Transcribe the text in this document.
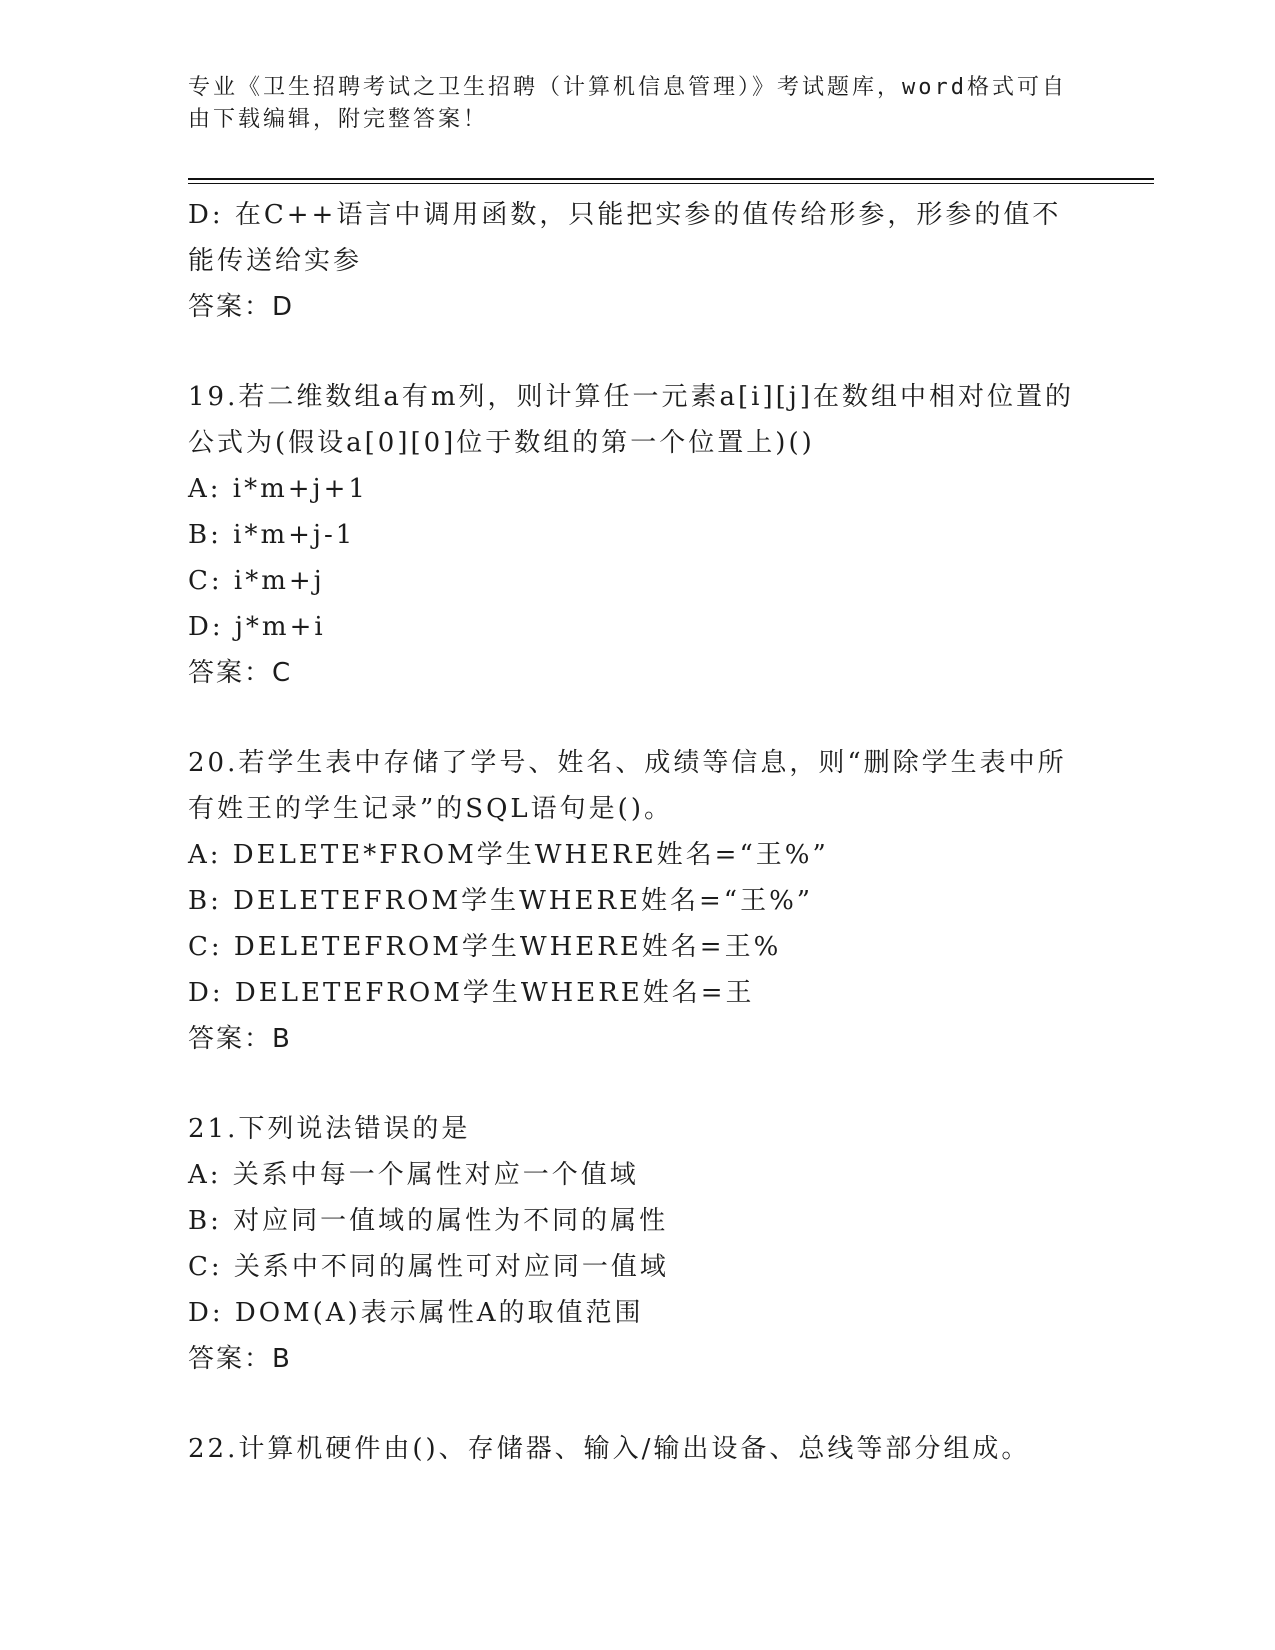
专业《卫生招聘考试之卫生招聘（计算机信息管理）》考试题库，word格式可自由下载编辑，附完整答案！
D: 在C++语言中调用函数，只能把实参的值传给形参，形参的值不能传送给实参
答案：D
19.若二维数组a有m列，则计算任一元素a[i][j]在数组中相对位置的公式为(假设a[0][0]位于数组的第一个位置上)()
A: i*m+j+1
B: i*m+j-1
C: i*m+j
D: j*m+i
答案：C
20.若学生表中存储了学号、姓名、成绩等信息，则“删除学生表中所有姓王的学生记录”的SQL语句是()。
A: DELETE*FROM学生WHERE姓名=“王%”
B: DELETEFROM学生WHERE姓名=“王%”
C: DELETEFROM学生WHERE姓名=王%
D: DELETEFROM学生WHERE姓名=王
答案：B
21.下列说法错误的是
A: 关系中每一个属性对应一个值域
B: 对应同一值域的属性为不同的属性
C: 关系中不同的属性可对应同一值域
D: DOM(A)表示属性A的取值范围
答案：B
22.计算机硬件由()、存储器、输入/输出设备、总线等部分组成。
